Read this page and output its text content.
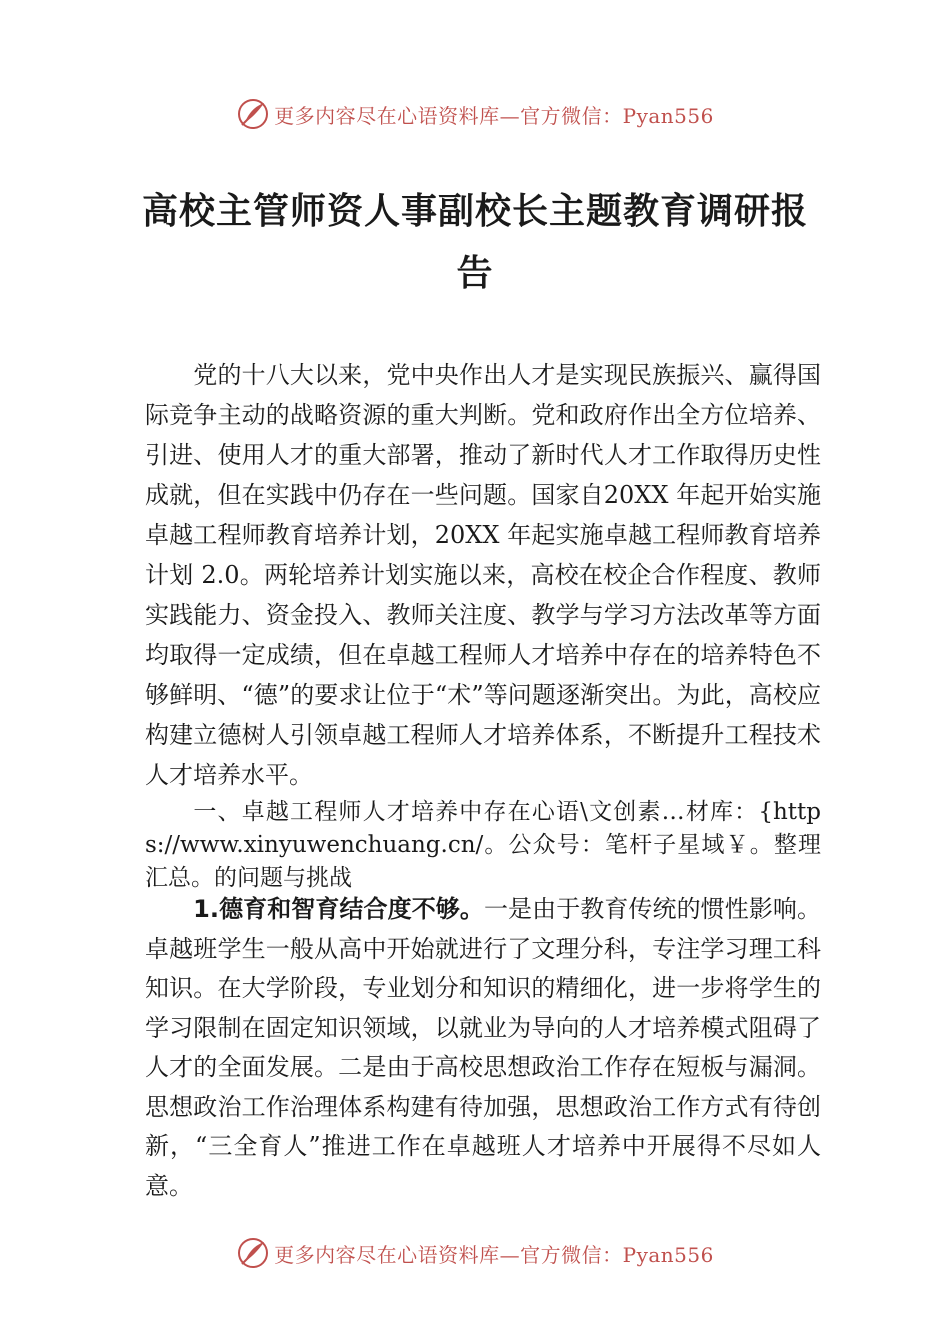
更多内容尽在心语资料库—官方微信：Pyan556
高校主管师资人事副校长主题教育调研报告
　　党的十八大以来，党中央作出人才是实现民族振兴、赢得国际竞争主动的战略资源的重大判断。党和政府作出全方位培养、引进、使用人才的重大部署，推动了新时代人才工作取得历史性成就，但在实践中仍存在一些问题。国家自20XX 年起开始实施卓越工程师教育培养计划，20XX 年起实施卓越工程师教育培养计划 2.0。两轮培养计划实施以来，高校在校企合作程度、教师实践能力、资金投入、教师关注度、教学与学习方法改革等方面均取得一定成绩，但在卓越工程师人才培养中存在的培养特色不够鲜明、“德”的要求让位于“术”等问题逐渐突出。为此，高校应构建立德树人引领卓越工程师人才培养体系，不断提升工程技术人才培养水平。
　　一、卓越工程师人才培养中存在心语\文创素…材库：{https://www.xinyuwenchuang.cn/。公众号：笔杆子星域￥。整理汇总。的问题与挑战
　　1.德育和智育结合度不够。一是由于教育传统的惯性影响。卓越班学生一般从高中开始就进行了文理分科，专注学习理工科知识。在大学阶段，专业划分和知识的精细化，进一步将学生的学习限制在固定知识领域，以就业为导向的人才培养模式阻碍了人才的全面发展。二是由于高校思想政治工作存在短板与漏洞。思想政治工作治理体系构建有待加强，思想政治工作方式有待创新，“三全育人”推进工作在卓越班人才培养中开展得不尽如人意。
更多内容尽在心语资料库—官方微信：Pyan556
